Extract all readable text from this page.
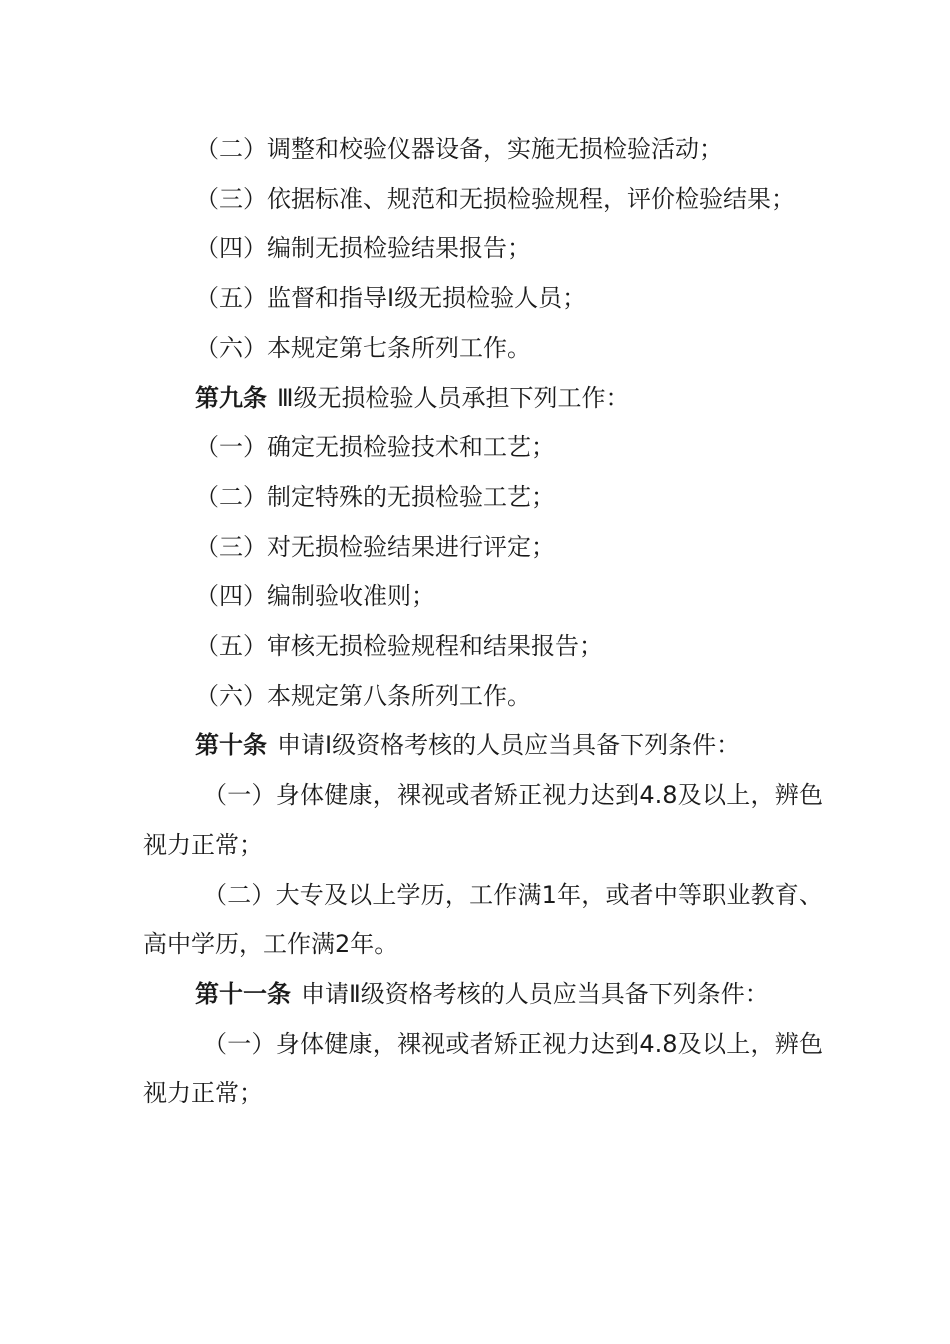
（二）调整和校验仪器设备，实施无损检验活动；

（三）依据标准、规范和无损检验规程，评价检验结果；

（四）编制无损检验结果报告；

（五）监督和指导Ⅰ级无损检验人员；

（六）本规定第七条所列工作。

第九条 Ⅲ级无损检验人员承担下列工作：

（一）确定无损检验技术和工艺；

（二）制定特殊的无损检验工艺；

（三）对无损检验结果进行评定；

（四）编制验收准则；

（五）审核无损检验规程和结果报告；

（六）本规定第八条所列工作。

第十条 申请Ⅰ级资格考核的人员应当具备下列条件：

（一）身体健康，裸视或者矫正视力达到4.8及以上，辨色视力正常；

（二）大专及以上学历，工作满1年，或者中等职业教育、高中学历，工作满2年。

第十一条 申请Ⅱ级资格考核的人员应当具备下列条件：

（一）身体健康，裸视或者矫正视力达到4.8及以上，辨色视力正常；
